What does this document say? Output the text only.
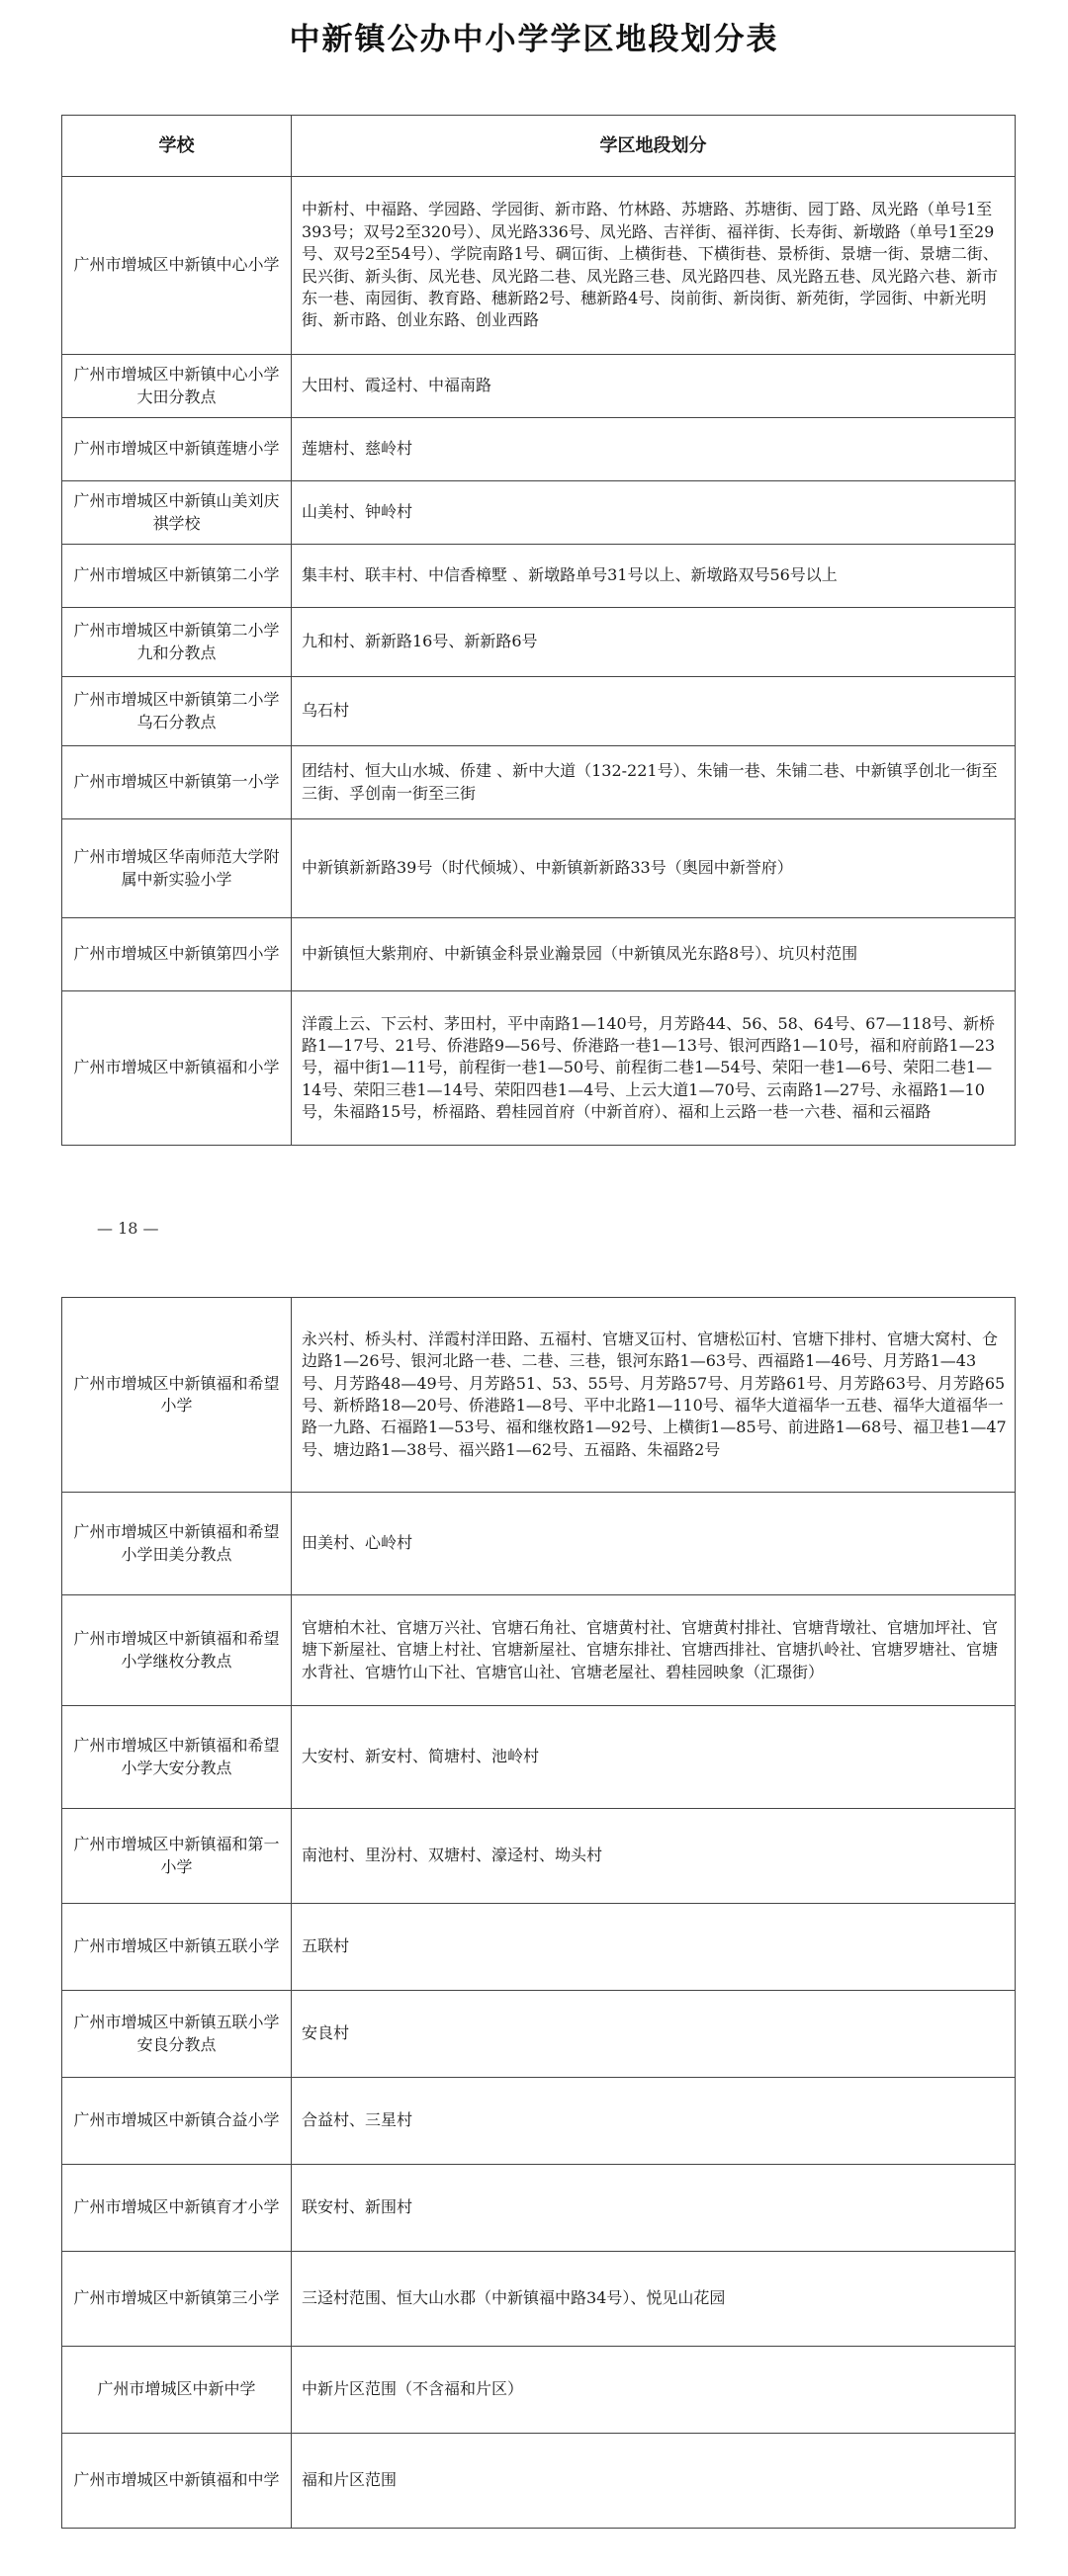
中新镇公办中小学学区地段划分表
学校	学区地段划分
广州市增城区中新镇中心小学	中新村、中福路、学园路、学园街、新市路、竹林路、苏塘路、苏塘街、园丁路、凤光路（单号1至393号；双号2至320号）、凤光路336号、凤光路、吉祥街、福祥街、长寿街、新墩路（单号1至29号、双号2至54号）、学院南路1号、碉冚街、上横街巷、下横街巷、景桥街、景塘一街、景塘二街、民兴街、新头街、凤光巷、凤光路二巷、凤光路三巷、凤光路四巷、凤光路五巷、凤光路六巷、新市东一巷、南园街、教育路、穗新路2号、穗新路4号、岗前街、新岗街、新苑街，学园街、中新光明街、新市路、创业东路、创业西路
广州市增城区中新镇中心小学大田分教点	大田村、霞迳村、中福南路
广州市增城区中新镇莲塘小学	莲塘村、慈岭村
广州市增城区中新镇山美刘庆祺学校	山美村、钟岭村
广州市增城区中新镇第二小学	集丰村、联丰村、中信香樟墅 、新墩路单号31号以上、新墩路双号56号以上
广州市增城区中新镇第二小学九和分教点	九和村、新新路16号、新新路6号
广州市增城区中新镇第二小学乌石分教点	乌石村
广州市增城区中新镇第一小学	团结村、恒大山水城、侨建 、新中大道（132-221号）、朱铺一巷、朱铺二巷、中新镇孚创北一街至三街、孚创南一街至三街
广州市增城区华南师范大学附属中新实验小学	中新镇新新路39号（时代倾城）、中新镇新新路33号（奥园中新誉府）
广州市增城区中新镇第四小学	中新镇恒大紫荆府、中新镇金科景业瀚景园（中新镇凤光东路8号）、坑贝村范围
广州市增城区中新镇福和小学	洋霞上云、下云村、茅田村，平中南路1—140号，月芳路44、56、58、64号、67—118号、新桥路1—17号、21号、侨港路9—56号、侨港路一巷1—13号、银河西路1—10号，福和府前路1—23号，福中街1—11号，前程街一巷1—50号、前程街二巷1—54号、荣阳一巷1—6号、荣阳二巷1—14号、荣阳三巷1—14号、荣阳四巷1—4号、上云大道1—70号、云南路1—27号、永福路1—10号，朱福路15号，桥福路、碧桂园首府（中新首府）、福和上云路一巷一六巷、福和云福路
— 18 —
广州市增城区中新镇福和希望小学	永兴村、桥头村、洋霞村洋田路、五福村、官塘叉冚村、官塘松冚村、官塘下排村、官塘大窝村、仓边路1—26号、银河北路一巷、二巷、三巷，银河东路1—63号、西福路1—46号、月芳路1—43号、月芳路48—49号、月芳路51、53、55号、月芳路57号、月芳路61号、月芳路63号、月芳路65号、新桥路18—20号、侨港路1—8号、平中北路1—110号、福华大道福华一五巷、福华大道福华一路一九路、石福路1—53号、福和继枚路1—92号、上横街1—85号、前进路1—68号、福卫巷1—47号、塘边路1—38号、福兴路1—62号、五福路、朱福路2号
广州市增城区中新镇福和希望小学田美分教点	田美村、心岭村
广州市增城区中新镇福和希望小学继枚分教点	官塘柏木社、官塘万兴社、官塘石角社、官塘黄村社、官塘黄村排社、官塘背墩社、官塘加坪社、官塘下新屋社、官塘上村社、官塘新屋社、官塘东排社、官塘西排社、官塘扒岭社、官塘罗塘社、官塘水背社、官塘竹山下社、官塘官山社、官塘老屋社、碧桂园映象（汇璟街）
广州市增城区中新镇福和希望小学大安分教点	大安村、新安村、简塘村、池岭村
广州市增城区中新镇福和第一小学	南池村、里汾村、双塘村、濠迳村、坳头村
广州市增城区中新镇五联小学	五联村
广州市增城区中新镇五联小学安良分教点	安良村
广州市增城区中新镇合益小学	合益村、三星村
广州市增城区中新镇育才小学	联安村、新围村
广州市增城区中新镇第三小学	三迳村范围、恒大山水郡（中新镇福中路34号）、悦见山花园
广州市增城区中新中学	中新片区范围（不含福和片区）
广州市增城区中新镇福和中学	福和片区范围
